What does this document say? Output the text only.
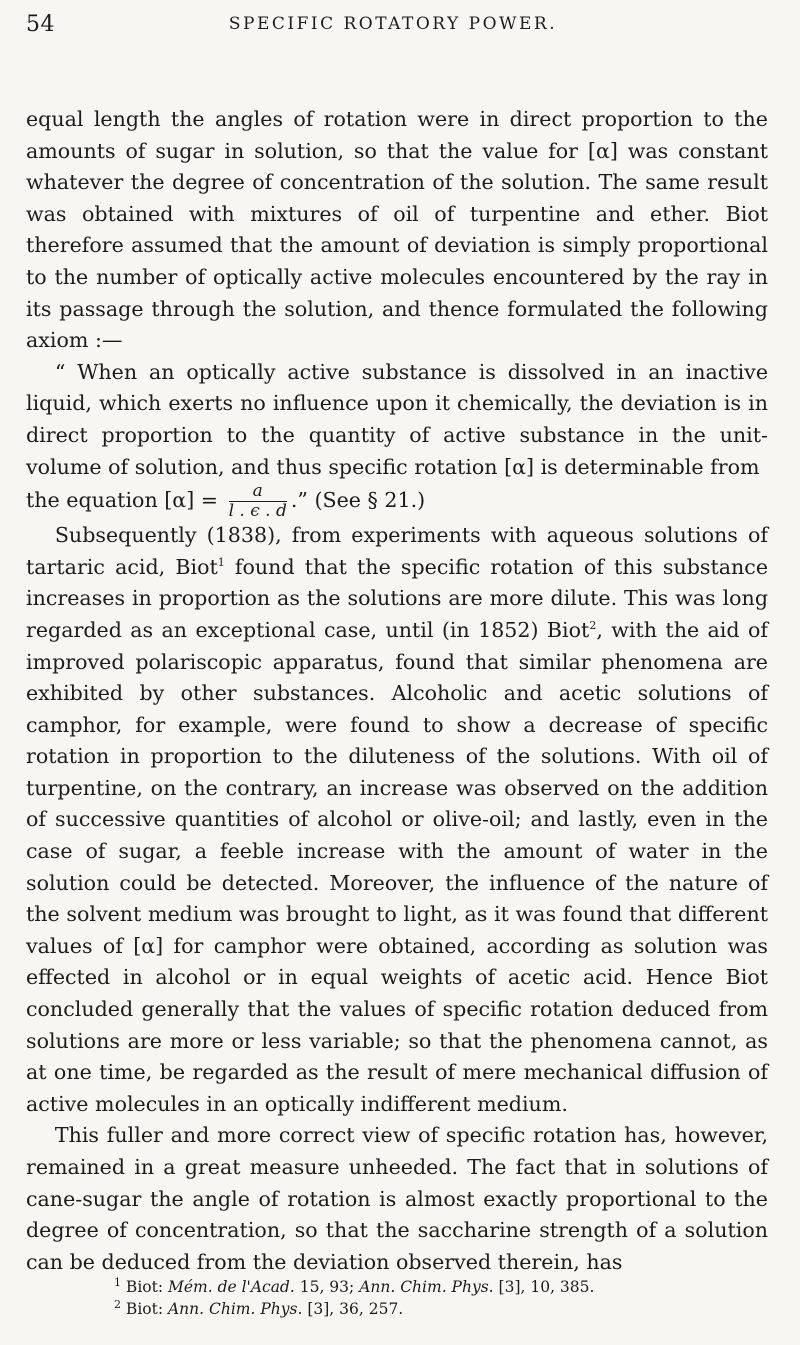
54	SPECIFIC ROTATORY POWER.

equal length the angles of rotation were in direct proportion to the amounts of sugar in solution, so that the value for [α] was constant whatever the degree of concentration of the solution. The same result was obtained with mixtures of oil of turpentine and ether. Biot therefore assumed that the amount of deviation is simply proportional to the number of optically active molecules encountered by the ray in its passage through the solution, and thence formulated the following axiom :—

“ When an optically active substance is dissolved in an inactive liquid, which exerts no influence upon it chemically, the deviation is in direct proportion to the quantity of active substance in the unit-volume of solution, and thus specific rotation [α] is determinable from

the equation $[\alpha] = \frac{a}{l . \epsilon . d}$ .” (See § 21.)

Subsequently (1838), from experiments with aqueous solutions of tartaric acid, Biot$^1$ found that the specific rotation of this substance increases in proportion as the solutions are more dilute. This was long regarded as an exceptional case, until (in 1852) Biot$^2$, with the aid of improved polariscopic apparatus, found that similar phenomena are exhibited by other substances. Alcoholic and acetic solutions of camphor, for example, were found to show a decrease of specific rotation in proportion to the diluteness of the solutions. With oil of turpentine, on the contrary, an increase was observed on the addition of successive quantities of alcohol or olive-oil; and lastly, even in the case of sugar, a feeble increase with the amount of water in the solution could be detected. Moreover, the influence of the nature of the solvent medium was brought to light, as it was found that different values of [α] for camphor were obtained, according as solution was effected in alcohol or in equal weights of acetic acid. Hence Biot concluded generally that the values of specific rotation deduced from solutions are more or less variable; so that the phenomena cannot, as at one time, be regarded as the result of mere mechanical diffusion of active molecules in an optically indifferent medium.

This fuller and more correct view of specific rotation has, however, remained in a great measure unheeded. The fact that in solutions of cane-sugar the angle of rotation is almost exactly proportional to the degree of concentration, so that the saccharine strength of a solution can be deduced from the deviation observed therein, has

$^1$ Biot: Mém. de l'Acad. 15, 93; Ann. Chim. Phys. [3], 10, 385.
$^2$ Biot: Ann. Chim. Phys. [3], 36, 257.
